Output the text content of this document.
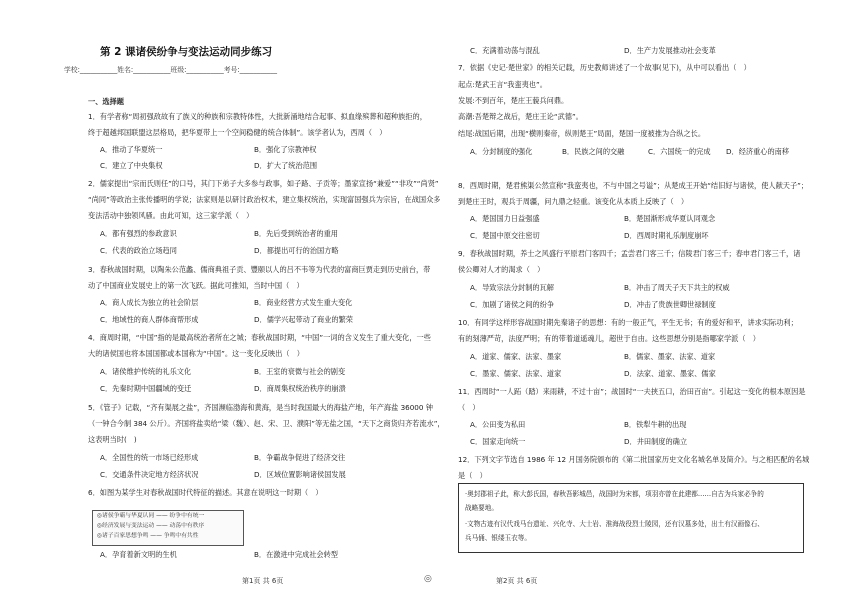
第 2 课诸侯纷争与变法运动同步练习
学校:___________姓名:___________班级:___________考号:___________
一、选择题
1．有学者称“周初强敌故有了族义的种族和宗教特体性，大批新涌地结合起事、拟血缘殡葬和超种族拒的，
终于超越邦国联盟这层格局，把华夏带上一个空间稳健的统合体制”。该学者认为，西周（　）
A．推动了华夏统一	B．强化了宗教神权
C．建立了中央集权	D．扩大了统治范围
2．儒家提出“宗而氏则任”的口号，其门下弟子大多参与政事，如子路、子贡等；墨家宣扬“兼爱”“非攻”“尚贤”
“尚同”等政治主张传播明的学说；法家则是以研讨政治权术，建立集权统治，实现富国强兵为宗旨，在战国众多
变法活动中独领风骚。由此可知，这三家学派（　）
A．都有强烈的参政意识	B．先后受到统治者的重用
C．代表的政治立场趋同	D．都提出可行的治国方略
3．春秋战国时期，以陶朱公范蠡、儒商典祖子贡、豐颐以人的吕不韦等为代表的富商巨贾走到历史前台，带
动了中国商业发展史上的第一次飞跃。据此可推知，当时中国（　）
A．商人成长为独立的社会阶层	B．商业经营方式发生重大变化
C．地域性的商人群体商帮形成	D．儒学兴起带动了商业的繁荣
4．商周时期，“中国”指的是最高统治者所在之城；春秋战国时期，“中国”一词的含义发生了重大变化，一些
大的诸侯国也将本国国都或本国称为“中国”。这一变化反映出（　）
A．诸侯维护传统的礼乐文化	B．王室的衰微与社会的剧变
C．先秦时期中国疆域的变迁	D．商周集权统治秩序的崩溃
5．《管子》记载，“齐有渠展之盐”，齐国濒临渤海和黄海，是当时我国最大的海盐产地，年产海盐 36000 钟
（一钟合今制 384 公斤）。齐国将盐卖给“梁（魏）、赵、宋、卫、濮阳”等无盐之国，“天下之商货归齐若流水”，
这表明当时(　)
A．全国性的统一市场已经形成	B．争霸战争促进了经济交往
C．交通条件决定地方经济状况	D．区域位置影响诸侯国发展
6．如图为某学生对春秋战国时代特征的描述。其意在说明这一时期（　）
◎诸侯争霸与华夏认同 —— 纷争中有统一
◎经济发展与变法运动 —— 动荡中有秩序
◎诸子百家思想争鸣 —— 争鸣中有共性
A．孕育着新文明的生机	B．在激进中完成社会转型
C．充满着动荡与混乱	D．生产力发展推动社会变革
7．依据《史记·楚世家》的相关记载，历史教师讲述了一个故事(见下)，从中可以看出（　）
起点:楚武王言“我蛮夷也”。
发展:不到百年，楚庄王藐兵问鼎。
高潮:吾楚辩之战后，楚庄王论“武德”。
结尾:战国后期，出现“横则秦帝，纵则楚王”局面，楚国一度被推为合纵之长。
A．分封制度的强化	B．民族之间的交融	C．六国统一的完成 D．经济重心的南移
8．西周时期，楚君熊渠公然宣称“我蛮夷也，不与中国之号谥”；从楚成王开始“结旧好与诸侯，使人献天子”；
到楚庄王时，观兵于周疆，问九鼎之轻重。该变化从本质上反映了（　）
A．楚国国力日益强盛	B．楚国渐形成华夏认同观念
C．楚国中原交往密切	D．西周时期礼乐制度崩坏
9．春秋战国时期，养士之风盛行平原君门客四千；孟尝君门客三千；信陵君门客三千；春申君门客三千，诸
侯公卿对人才的渴求（　）
A．导致宗法分封制的瓦解	B．冲击了周天子天下共主的权威
C．加剧了诸侯之间的纷争	D．冲击了贵族世卿世禄制度
10．有同学这样形容战国时期先秦诸子的思想：有的一般正气，平生无书；有的爱好和平，讲求实际功利；
有的刻薄严苛，法度严明；有的带着道遥魂儿，超世于自由。这些思想分别是指哪家学派（　）
A．道家、儒家、法家、墨家	B．儒家、墨家、法家、道家
C．墨家、儒家、法家、道家	D．法家、道家、墨家、儒家
11．西周时“一人跖（踏）来雨耕，不过十亩”；战国时“一夫挟五口，治田百亩”。引起这一变化的根本原因是
（　）
A．公田变为私田	B．铁犁牛耕的出现
C．国家走向统一	D．井田制度的确立
12．下列文字节选自 1986 年 12 月国务院颁布的《第二批国家历史文化名城名单及简介》。与之相匹配的名城
是（　）
·奥封郡祖子此，称大彭氏国，春秋吾影城邑，战国时为宋都，项羽亦曾在此建都……自古为兵家必争的
战略要地。
·文物古迹有汉代戏马台遗址、兴化寺、大士岩、淮海战役烈士陵园，还有汉墓多处，出土有汉画像石、
兵马俑、银缕玉衣等。
第1页 共 6页	◎	第2页 共 6页
